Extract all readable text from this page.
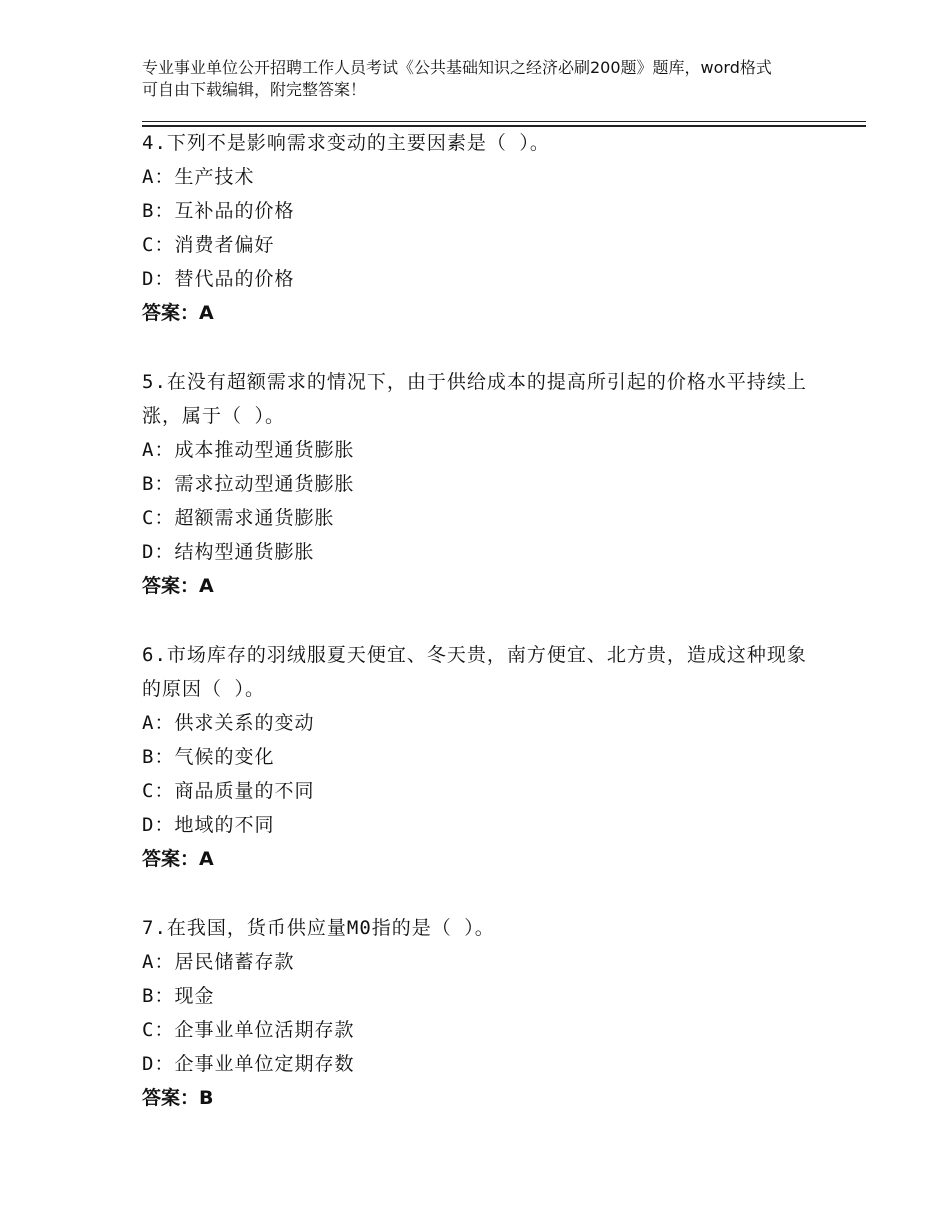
专业事业单位公开招聘工作人员考试《公共基础知识之经济必刷200题》题库，word格式可自由下载编辑，附完整答案！
4.下列不是影响需求变动的主要因素是（ ）。
A：生产技术
B：互补品的价格
C：消费者偏好
D：替代品的价格
答案：A
5.在没有超额需求的情况下，由于供给成本的提高所引起的价格水平持续上涨，属于（ ）。
A：成本推动型通货膨胀
B：需求拉动型通货膨胀
C：超额需求通货膨胀
D：结构型通货膨胀
答案：A
6.市场库存的羽绒服夏天便宜、冬天贵，南方便宜、北方贵，造成这种现象的原因（ ）。
A：供求关系的变动
B：气候的变化
C：商品质量的不同
D：地域的不同
答案：A
7.在我国，货币供应量M0指的是（ ）。
A：居民储蓄存款
B：现金
C：企事业单位活期存款
D：企事业单位定期存数
答案：B
